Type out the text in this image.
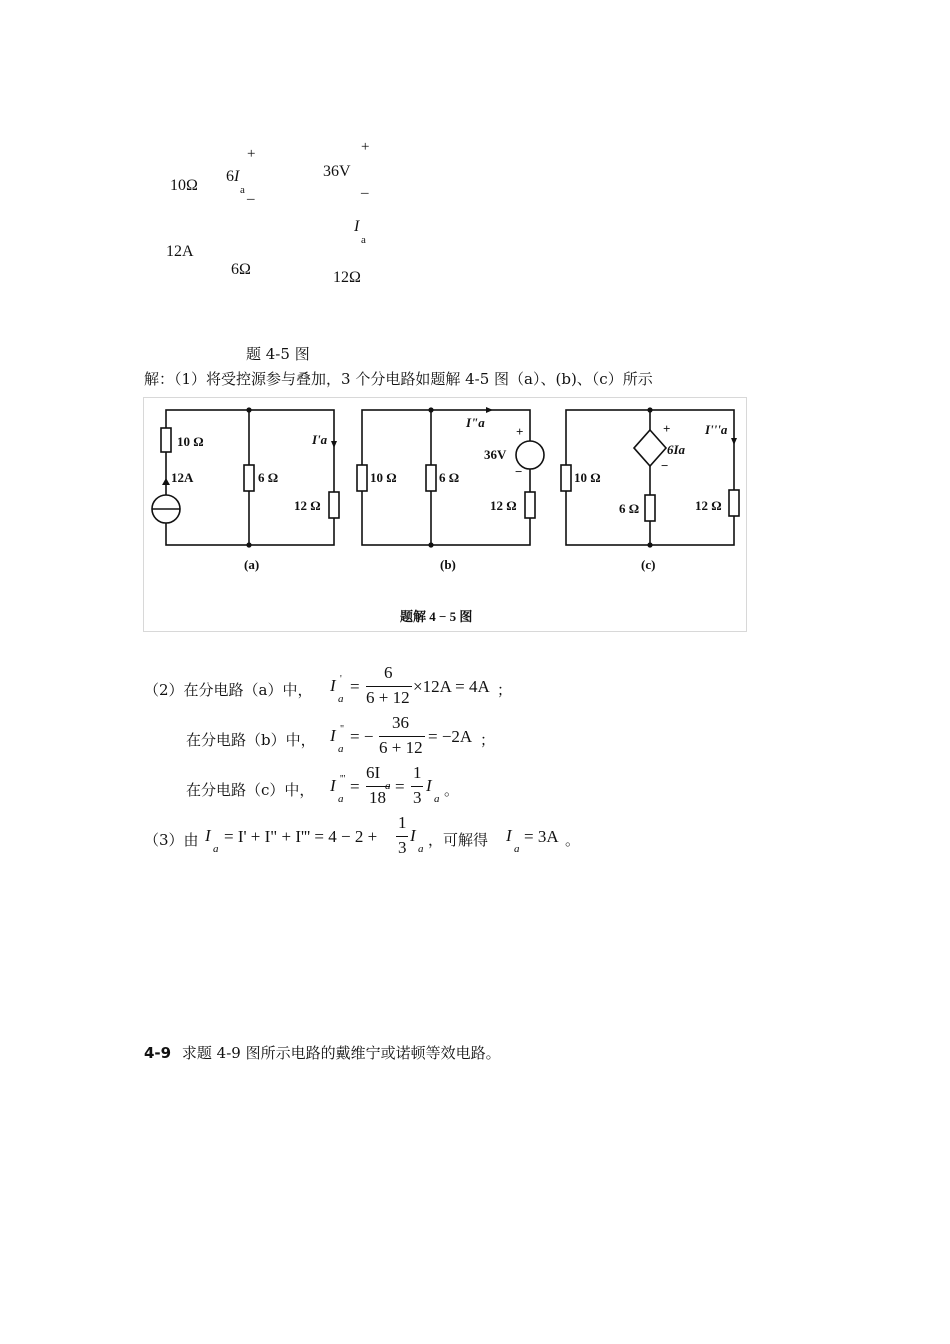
+	+
10Ω
6I
a _
36V
_
I
a
12A
6Ω	12Ω
题 4-5 图
解：（1）将受控源参与叠加，3 个分电路如题解 4-5 图（a）、(b)、（c）所示
10 Ω
12A	6 Ω
12 Ω
I'a
(a)
10 Ω	6 Ω
36V
+
−
12 Ω
I"a
(b)
10 Ω
+
6Ia
−
6 Ω	12 Ω
I'''a
(c)
题解 4 − 5 图
（2）在分电路（a）中， I '
a
=
6
6 + 12
×12A = 4A ；
在分电路（b）中， I "
a
= −
36
6 + 12
= −2A ；
在分电路（c）中， I '''
a
=
6I
18
=
1
3
I
a 。
（3）由 I
a
= I' + I" + I''' = 4 − 2 +
1
3
I
a ，可解得 I
a
= 3A 。
4-9 求题 4-9 图所示电路的戴维宁或诺顿等效电路。
